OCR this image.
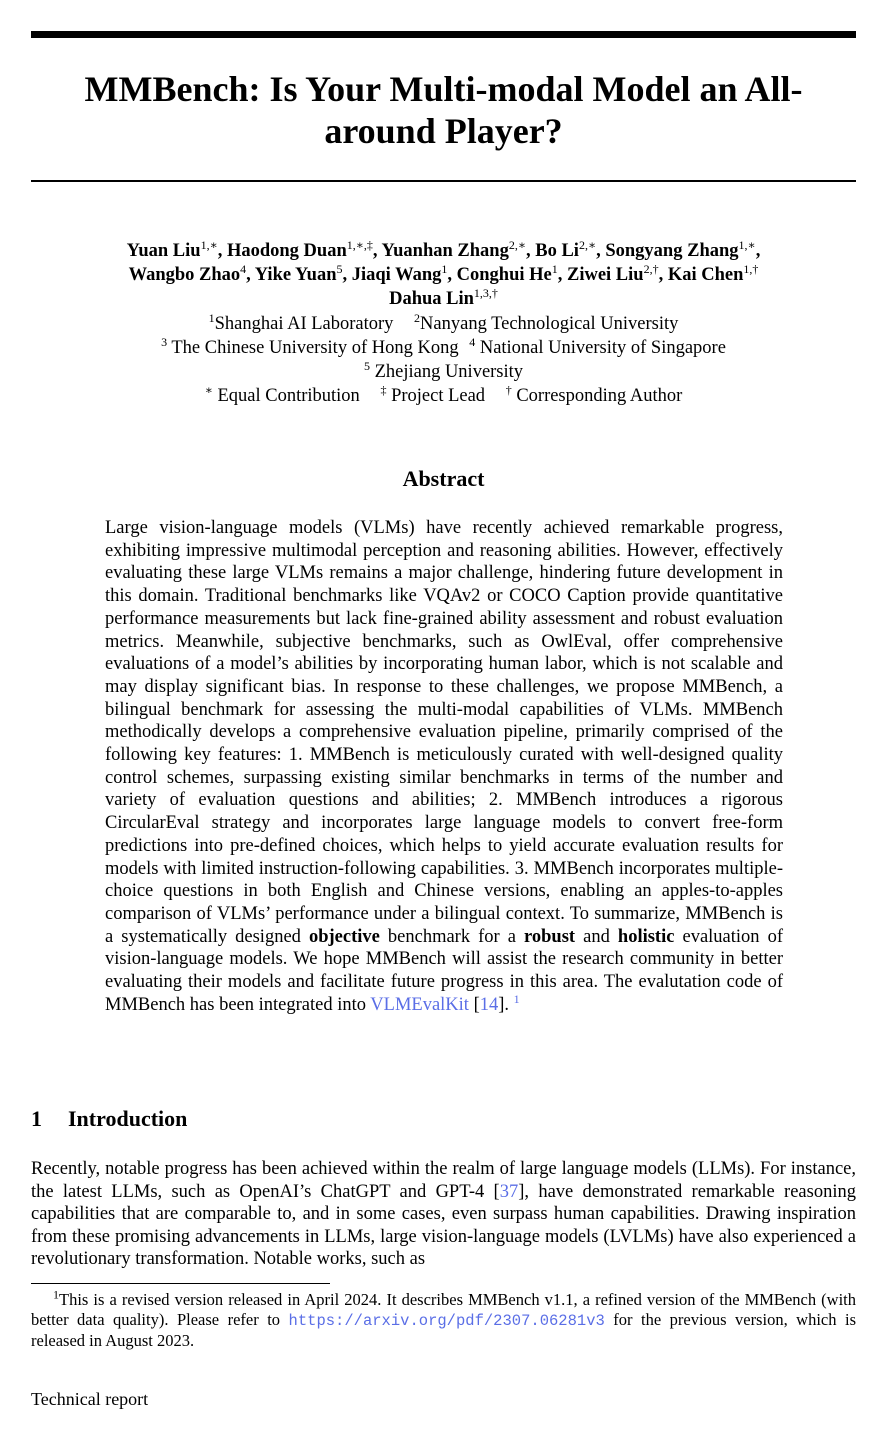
MMBench: Is Your Multi-modal Model an All-around Player?
Yuan Liu$^{1,∗}$, Haodong Duan$^{1,∗,\ddagger}$, Yuanhan Zhang$^{2,∗}$, Bo $Li^{2,∗}$, Songyang Zhang$^{1,∗}$,
Wangbo Zhao$^4$, Yike Yuan$^5$, Jiaqi Wang$^1$, Conghui He$^1$, Ziwei Liu$^{2,\dagger}$, Kai Chen$^{1,\dagger}$
Dahua Lin$^{1,3,\dagger}$
$^1$Shanghai AI Laboratory $^2$Nanyang Technological University
$^3$ The Chinese University of Hong Kong $^4$ National University of Singapore
$^5$ Zhejiang University
∗ Equal Contribution ‡ Project Lead † Corresponding Author
Abstract
Large vision-language models (VLMs) have recently achieved remarkable progress, exhibiting impressive multimodal perception and reasoning abilities. However, effectively evaluating these large VLMs remains a major challenge, hindering future development in this domain. Traditional benchmarks like VQAv2 or COCO Caption provide quantitative performance measurements but lack fine-grained ability assessment and robust evaluation metrics. Meanwhile, subjective benchmarks, such as OwlEval, offer comprehensive evaluations of a model’s abilities by incorporating human labor, which is not scalable and may display significant bias. In response to these challenges, we propose MMBench, a bilingual benchmark for assessing the multi-modal capabilities of VLMs. MMBench methodically develops a comprehensive evaluation pipeline, primarily comprised of the following key features: 1. MMBench is meticulously curated with well-designed quality control schemes, surpassing existing similar benchmarks in terms of the number and variety of evaluation questions and abilities; 2. MMBench introduces a rigorous CircularEval strategy and incorporates large language models to convert free-form predictions into pre-defined choices, which helps to yield accurate evaluation results for models with limited instruction-following capabilities. 3. MMBench incorporates multiple-choice questions in both English and Chinese versions, enabling an apples-to-apples comparison of VLMs’ performance under a bilingual context. To summarize, MMBench is a systematically designed objective benchmark for a robust and holistic evaluation of vision-language models. We hope MMBench will assist the research community in better evaluating their models and facilitate future progress in this area. The evalutation code of MMBench has been integrated into VLMEvalKit [14]. $^1$
1 Introduction
Recently, notable progress has been achieved within the realm of large language models (LLMs). For instance, the latest LLMs, such as OpenAI’s ChatGPT and GPT-4 [37], have demonstrated remarkable reasoning capabilities that are comparable to, and in some cases, even surpass human capabilities. Drawing inspiration from these promising advancements in LLMs, large vision-language models (LVLMs) have also experienced a revolutionary transformation. Notable works, such as
$^1$This is a revised version released in April 2024. It describes MMBench v1.1, a refined version of the MMBench (with better data quality). Please refer to https://arxiv.org/pdf/2307.06281v3 for the previous version, which is released in August 2023.
Technical report
